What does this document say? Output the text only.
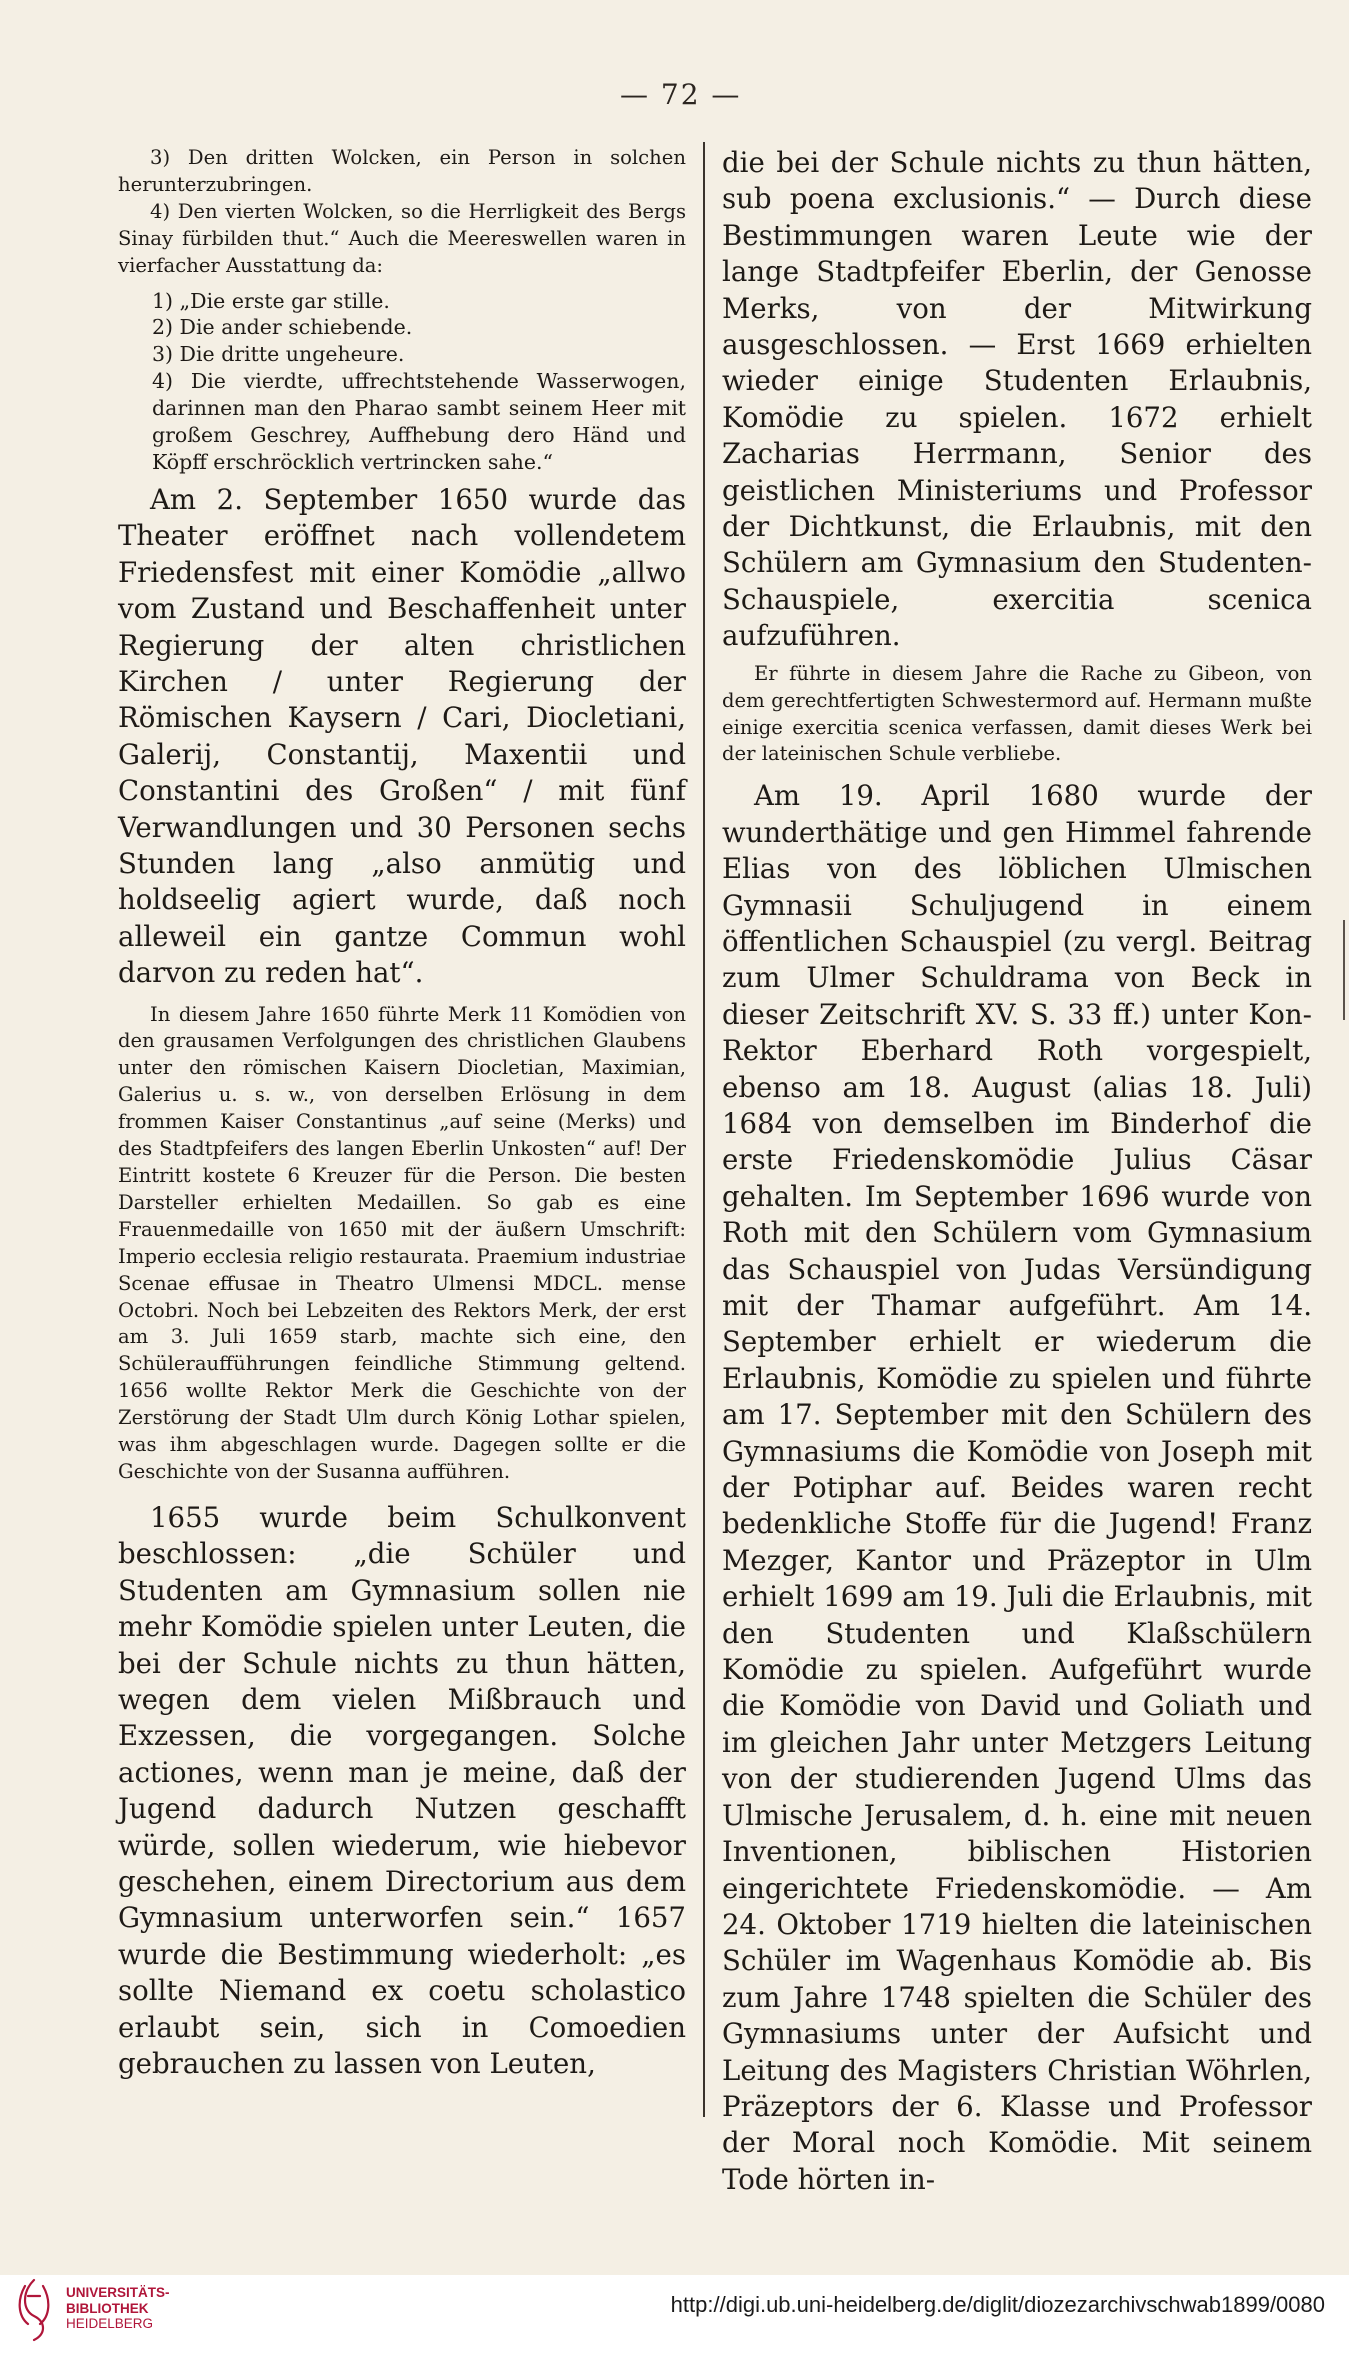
— 72 —

3) Den dritten Wolcken, ein Person in solchen herunterzubringen.

4) Den vierten Wolcken, so die Herrligkeit des Bergs Sinay fürbilden thut.“ Auch die Meereswellen waren in vierfacher Ausstattung da:

1) „Die erste gar stille.
2) Die ander schiebende.
3) Die dritte ungeheure.
4) Die vierdte, uffrechtstehende Wasserwogen, darinnen man den Pharao sambt seinem Heer mit großem Geschrey, Auffhebung dero Händ und Köpff erschröcklich vertrincken sahe.“

Am 2. September 1650 wurde das Theater eröffnet nach vollendetem Friedensfest mit einer Komödie „allwo vom Zustand und Beschaffenheit unter Regierung der alten christlichen Kirchen / unter Regierung der Römischen Kaysern / Cari, Diocletiani, Galerij, Constantij, Maxentii und Constantini des Großen“ / mit fünf Verwandlungen und 30 Personen sechs Stunden lang „also anmütig und holdseelig agiert wurde, daß noch alleweil ein gantze Commun wohl darvon zu reden hat“.

In diesem Jahre 1650 führte Merk 11 Komödien von den grausamen Verfolgungen des christlichen Glaubens unter den römischen Kaisern Diocletian, Maximian, Galerius u. s. w., von derselben Erlösung in dem frommen Kaiser Constantinus „auf seine (Merks) und des Stadtpfeifers des langen Eberlin Unkosten“ auf! Der Eintritt kostete 6 Kreuzer für die Person. Die besten Darsteller erhielten Medaillen. So gab es eine Frauenmedaille von 1650 mit der äußern Umschrift: Imperio ecclesia religio restaurata. Praemium industriae Scenae effusae in Theatro Ulmensi MDCL. mense Octobri. Noch bei Lebzeiten des Rektors Merk, der erst am 3. Juli 1659 starb, machte sich eine, den Schüleraufführungen feindliche Stimmung geltend. 1656 wollte Rektor Merk die Geschichte von der Zerstörung der Stadt Ulm durch König Lothar spielen, was ihm abgeschlagen wurde. Dagegen sollte er die Geschichte von der Susanna aufführen.

1655 wurde beim Schulkonvent beschlossen: „die Schüler und Studenten am Gymnasium sollen nie mehr Komödie spielen unter Leuten, die bei der Schule nichts zu thun hätten, wegen dem vielen Mißbrauch und Exzessen, die vorgegangen. Solche actiones, wenn man je meine, daß der Jugend dadurch Nutzen geschafft würde, sollen wiederum, wie hiebevor geschehen, einem Directorium aus dem Gymnasium unterworfen sein.“ 1657 wurde die Bestimmung wiederholt: „es sollte Niemand ex coetu scholastico erlaubt sein, sich in Comoedien gebrauchen zu lassen von Leuten,

die bei der Schule nichts zu thun hätten, sub poena exclusionis.“ — Durch diese Bestimmungen waren Leute wie der lange Stadtpfeifer Eberlin, der Genosse Merks, von der Mitwirkung ausgeschlossen. — Erst 1669 erhielten wieder einige Studenten Erlaubnis, Komödie zu spielen. 1672 erhielt Zacharias Herrmann, Senior des geistlichen Ministeriums und Professor der Dichtkunst, die Erlaubnis, mit den Schülern am Gymnasium den Studenten-Schauspiele, exercitia scenica aufzuführen.

Er führte in diesem Jahre die Rache zu Gibeon, von dem gerechtfertigten Schwestermord auf. Hermann mußte einige exercitia scenica verfassen, damit dieses Werk bei der lateinischen Schule verbliebe.

Am 19. April 1680 wurde der wunderthätige und gen Himmel fahrende Elias von des löblichen Ulmischen Gymnasii Schuljugend in einem öffentlichen Schauspiel (zu vergl. Beitrag zum Ulmer Schuldrama von Beck in dieser Zeitschrift XV. S. 33 ff.) unter Kon-Rektor Eberhard Roth vorgespielt, ebenso am 18. August (alias 18. Juli) 1684 von demselben im Binderhof die erste Friedenskomödie Julius Cäsar gehalten. Im September 1696 wurde von Roth mit den Schülern vom Gymnasium das Schauspiel von Judas Versündigung mit der Thamar aufgeführt. Am 14. September erhielt er wiederum die Erlaubnis, Komödie zu spielen und führte am 17. September mit den Schülern des Gymnasiums die Komödie von Joseph mit der Potiphar auf. Beides waren recht bedenkliche Stoffe für die Jugend! Franz Mezger, Kantor und Präzeptor in Ulm erhielt 1699 am 19. Juli die Erlaubnis, mit den Studenten und Klaßschülern Komödie zu spielen. Aufgeführt wurde die Komödie von David und Goliath und im gleichen Jahr unter Metzgers Leitung von der studierenden Jugend Ulms das Ulmische Jerusalem, d. h. eine mit neuen Inventionen, biblischen Historien eingerichtete Friedenskomödie. — Am 24. Oktober 1719 hielten die lateinischen Schüler im Wagenhaus Komödie ab. Bis zum Jahre 1748 spielten die Schüler des Gymnasiums unter der Aufsicht und Leitung des Magisters Christian Wöhrlen, Präzeptors der 6. Klasse und Professor der Moral noch Komödie. Mit seinem Tode hörten in-

UNIVERSITÄTS-
BIBLIOTHEK
HEIDELBERG
http://digi.ub.uni-heidelberg.de/diglit/diozezarchivschwab1899/0080
